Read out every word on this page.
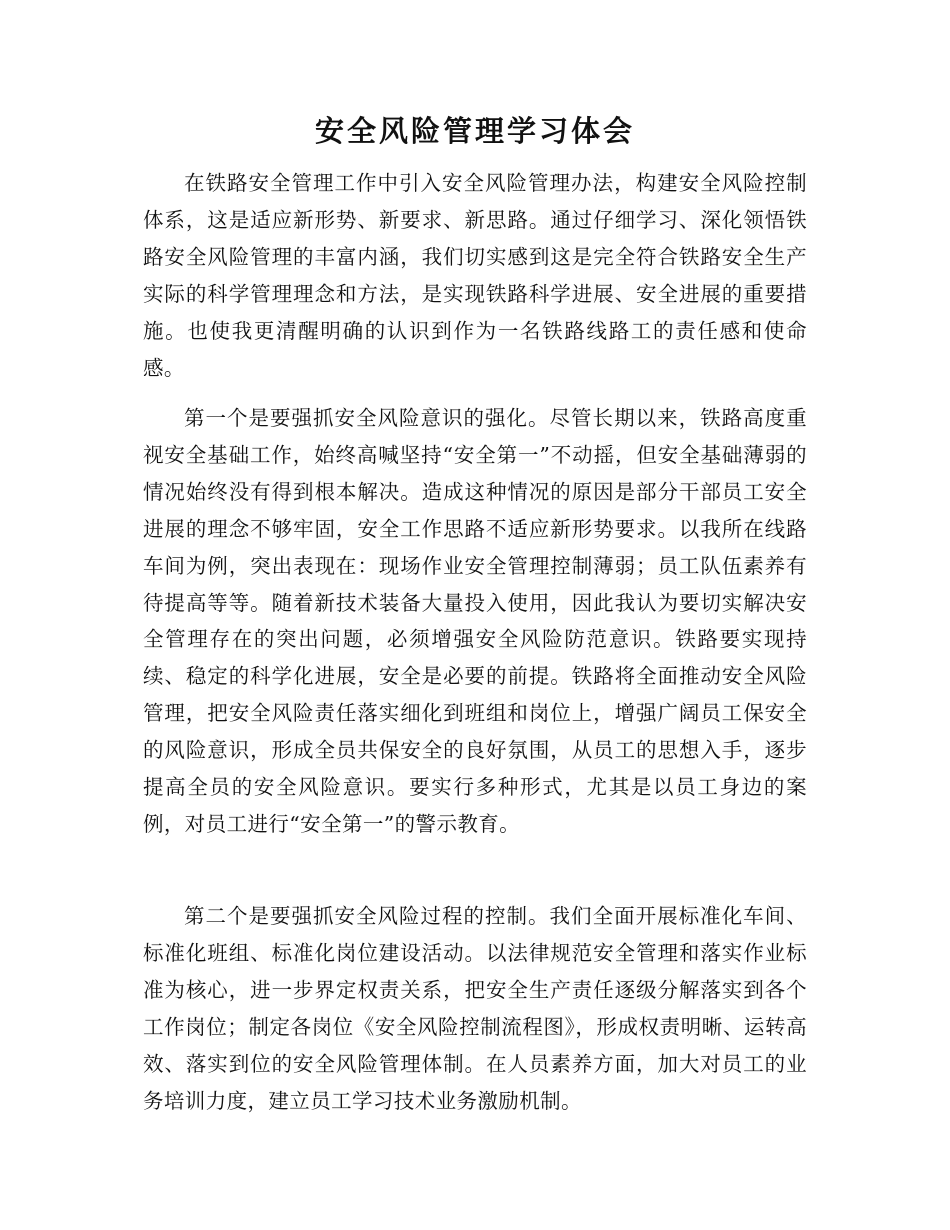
安全风险管理学习体会

在铁路安全管理工作中引入安全风险管理办法，构建安全风险控制体系，这是适应新形势、新要求、新思路。通过仔细学习、深化领悟铁路安全风险管理的丰富内涵，我们切实感到这是完全符合铁路安全生产实际的科学管理理念和方法，是实现铁路科学进展、安全进展的重要措施。也使我更清醒明确的认识到作为一名铁路线路工的责任感和使命感。

第一个是要强抓安全风险意识的强化。尽管长期以来，铁路高度重视安全基础工作，始终高喊坚持“安全第一”不动摇，但安全基础薄弱的情况始终没有得到根本解决。造成这种情况的原因是部分干部员工安全进展的理念不够牢固，安全工作思路不适应新形势要求。以我所在线路车间为例，突出表现在：现场作业安全管理控制薄弱；员工队伍素养有待提高等等。随着新技术装备大量投入使用，因此我认为要切实解决安全管理存在的突出问题，必须增强安全风险防范意识。铁路要实现持续、稳定的科学化进展，安全是必要的前提。铁路将全面推动安全风险管理，把安全风险责任落实细化到班组和岗位上，增强广阔员工保安全的风险意识，形成全员共保安全的良好氛围，从员工的思想入手，逐步提高全员的安全风险意识。要实行多种形式，尤其是以员工身边的案例，对员工进行“安全第一”的警示教育。

第二个是要强抓安全风险过程的控制。我们全面开展标准化车间、标准化班组、标准化岗位建设活动。以法律规范安全管理和落实作业标准为核心，进一步界定权责关系，把安全生产责任逐级分解落实到各个工作岗位；制定各岗位《安全风险控制流程图》，形成权责明晰、运转高效、落实到位的安全风险管理体制。在人员素养方面，加大对员工的业务培训力度，建立员工学习技术业务激励机制。
